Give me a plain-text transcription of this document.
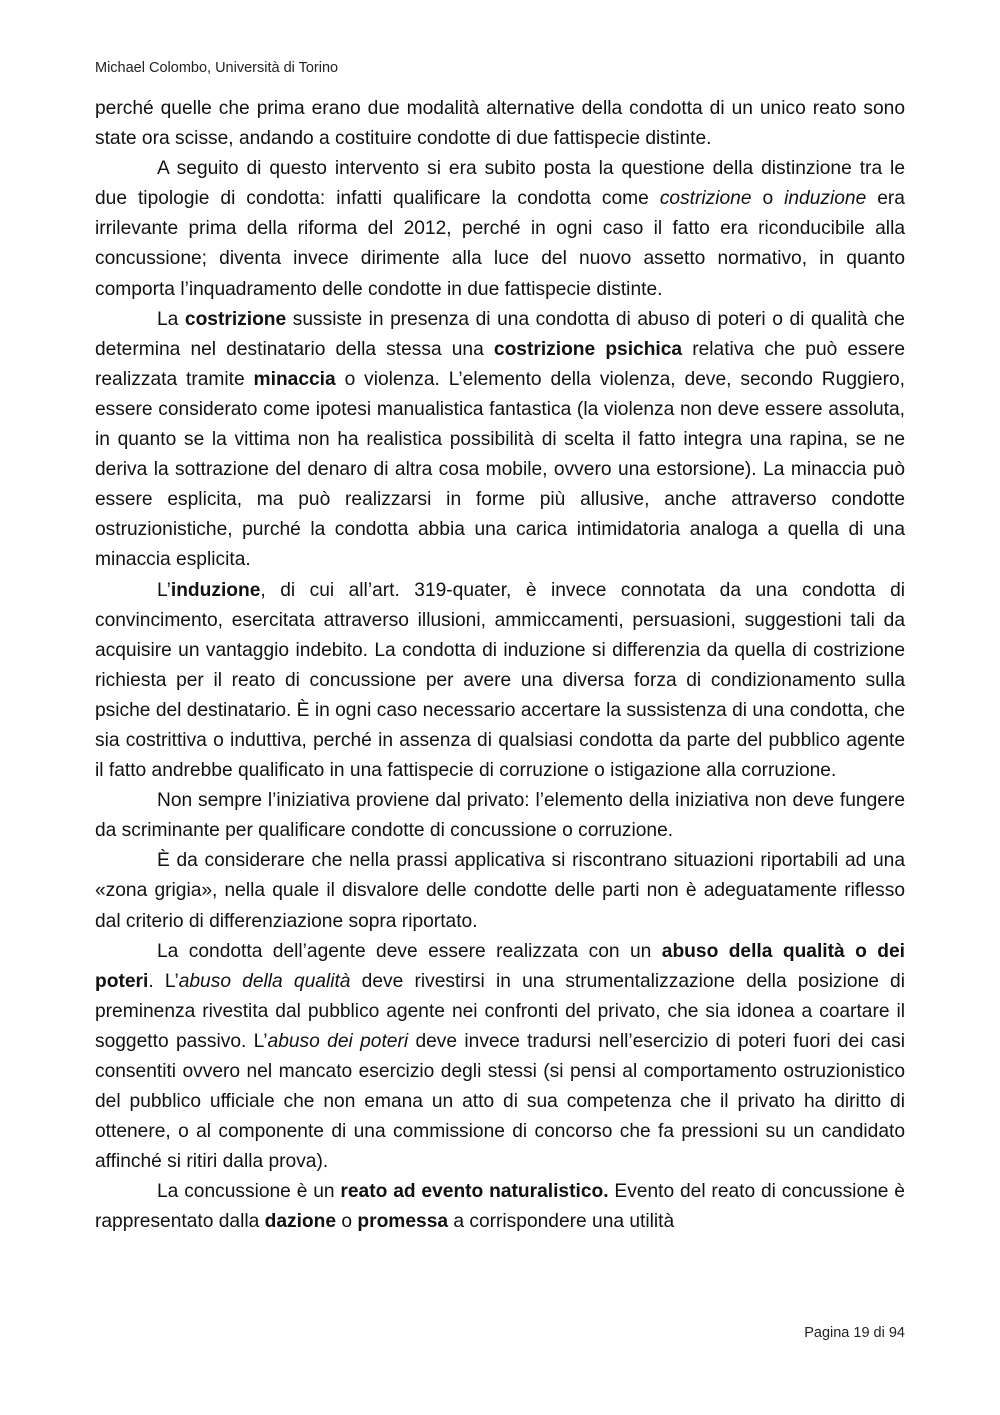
Michael Colombo, Università di Torino

perché quelle che prima erano due modalità alternative della condotta di un unico reato sono state ora scisse, andando a costituire condotte di due fattispecie distinte.

A seguito di questo intervento si era subito posta la questione della distinzione tra le due tipologie di condotta: infatti qualificare la condotta come costrizione o induzione era irrilevante prima della riforma del 2012, perché in ogni caso il fatto era riconducibile alla concussione; diventa invece dirimente alla luce del nuovo assetto normativo, in quanto comporta l’inquadramento delle condotte in due fattispecie distinte.

La costrizione sussiste in presenza di una condotta di abuso di poteri o di qualità che determina nel destinatario della stessa una costrizione psichica relativa che può essere realizzata tramite minaccia o violenza. L’elemento della violenza, deve, secondo Ruggiero, essere considerato come ipotesi manualistica fantastica (la violenza non deve essere assoluta, in quanto se la vittima non ha realistica possibilità di scelta il fatto integra una rapina, se ne deriva la sottrazione del denaro di altra cosa mobile, ovvero una estorsione). La minaccia può essere esplicita, ma può realizzarsi in forme più allusive, anche attraverso condotte ostruzionistiche, purché la condotta abbia una carica intimidatoria analoga a quella di una minaccia esplicita.

L’induzione, di cui all’art. 319-quater, è invece connotata da una condotta di convincimento, esercitata attraverso illusioni, ammiccamenti, persuasioni, suggestioni tali da acquisire un vantaggio indebito. La condotta di induzione si differenzia da quella di costrizione richiesta per il reato di concussione per avere una diversa forza di condizionamento sulla psiche del destinatario. È in ogni caso necessario accertare la sussistenza di una condotta, che sia costrittiva o induttiva, perché in assenza di qualsiasi condotta da parte del pubblico agente il fatto andrebbe qualificato in una fattispecie di corruzione o istigazione alla corruzione.

Non sempre l’iniziativa proviene dal privato: l’elemento della iniziativa non deve fungere da scriminante per qualificare condotte di concussione o corruzione.

È da considerare che nella prassi applicativa si riscontrano situazioni riportabili ad una «zona grigia», nella quale il disvalore delle condotte delle parti non è adeguatamente riflesso dal criterio di differenziazione sopra riportato.

La condotta dell’agente deve essere realizzata con un abuso della qualità o dei poteri. L’abuso della qualità deve rivestirsi in una strumentalizzazione della posizione di preminenza rivestita dal pubblico agente nei confronti del privato, che sia idonea a coartare il soggetto passivo. L’abuso dei poteri deve invece tradursi nell’esercizio di poteri fuori dei casi consentiti ovvero nel mancato esercizio degli stessi (si pensi al comportamento ostruzionistico del pubblico ufficiale che non emana un atto di sua competenza che il privato ha diritto di ottenere, o al componente di una commissione di concorso che fa pressioni su un candidato affinché si ritiri dalla prova).

La concussione è un reato ad evento naturalistico. Evento del reato di concussione è rappresentato dalla dazione o promessa a corrispondere una utilità

Pagina 19 di 94
